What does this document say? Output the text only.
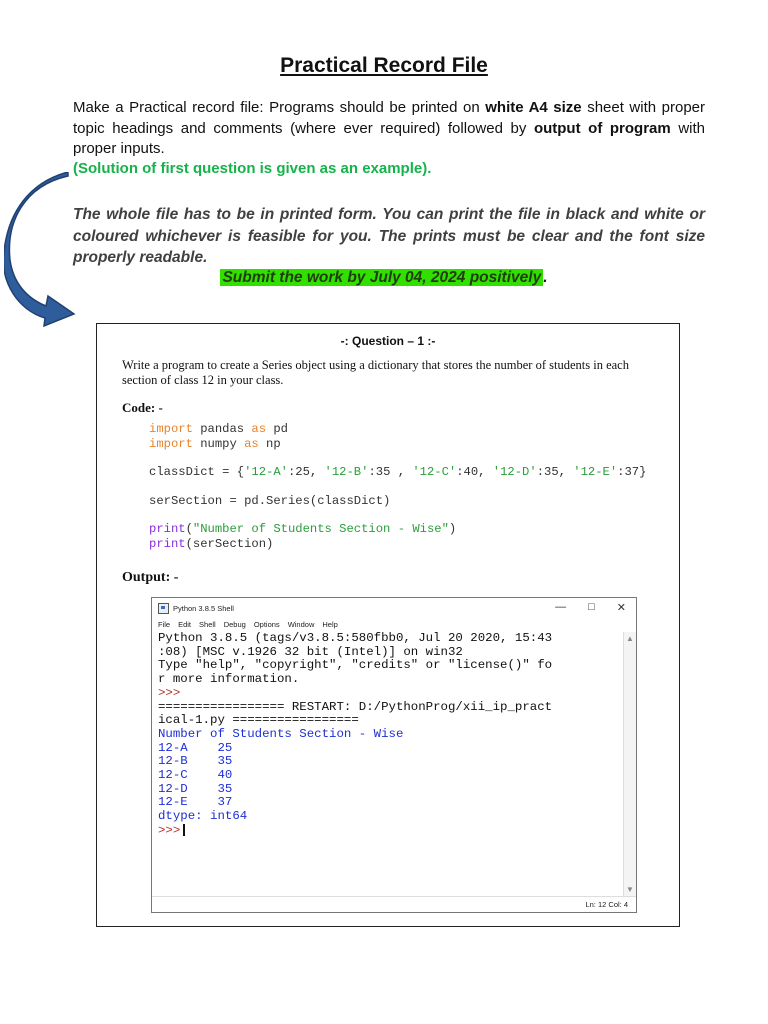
Practical Record File
Make a Practical record file: Programs should be printed on white A4 size sheet with proper topic headings and comments (where ever required) followed by output of program with proper inputs.
(Solution of first question is given as an example).
The whole file has to be in printed form. You can print the file in black and white or coloured whichever is feasible for you. The prints must be clear and the font size properly readable.
Submit the work by July 04, 2024 positively .
-: Question – 1 :-
Write a program to create a Series object using a dictionary that stores the number of students in each section of class 12 in your class.
Code: -
import pandas as pd
import numpy as np
classDict = {'12-A':25, '12-B':35 , '12-C':40, '12-D':35, '12-E':37}
serSection = pd.Series(classDict)
print("Number of Students Section - Wise")
print(serSection)
Output: -
Python 3.8.5 Shell	— □ ✕
File Edit Shell Debug Options Window Help
Python 3.8.5 (tags/v3.8.5:580fbb0, Jul 20 2020, 15:43
:08) [MSC v.1926 32 bit (Intel)] on win32
Type "help", "copyright", "credits" or "license()" fo
r more information.
>>>
================= RESTART: D:/PythonProg/xii_ip_pract
ical-1.py =================
Number of Students Section - Wise
12-A    25
12-B    35
12-C    40
12-D    35
12-E    37
dtype: int64
>>>
▲
▼
Ln: 12 Col: 4
